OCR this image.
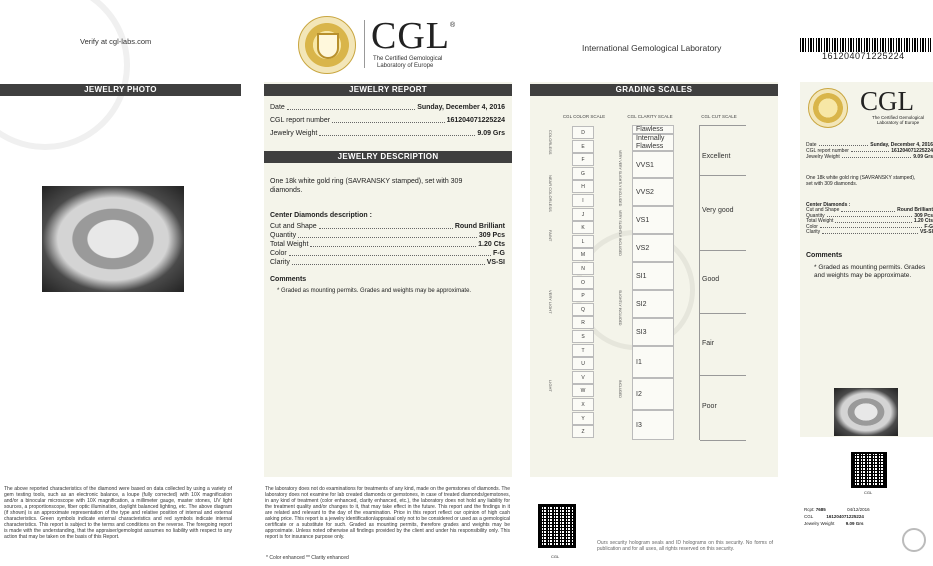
Verify at cgl-labs.com	CGL ®
The Certified Gemological
Laboratory of Europe
International Gemological Laboratory
161204071225224
JEWELRY PHOTO	JEWELRY REPORT
Date	Sunday, December 4, 2016
CGL report number	161204071225224
Jewelry Weight	9.09 Grs
JEWELRY DESCRIPTION
One 18k white gold ring (SAVRANSKY stamped), set with 309 diamonds.
Center Diamonds description :
Cut and Shape	Round Brilliant
Quantity	309 Pcs
Total Weight	1.20 Cts
Color	F-G
Clarity	VS-SI
Comments
* Graded as mounting permits. Grades and weights may be approximate.
GRADING SCALES
CGL COLOR SCALE	CGL CLARITY SCALE	CGL CUT SCALE
D
E
F
G
H
I
J
K
L
M
N
O
P
Q
R
S
T
U
V
W
X
Y
Z
COLORLESS
NEAR COLORLESS
FAINT
VERY LIGHT
LIGHT
Flawless
Internally Flawless
VVS1
VVS2
VS1
VS2
SI1
SI2
SI3
I1
I2
I3
VERY VERY SLIGHTLY INCLUDED
VERY SLIGHTLY INCLUDED
SLIGHTLY INCLUDED
INCLUDED
Excellent
Very good
Good
Fair
Poor
CGL
The Certified Gemological Laboratory of Europe
Date	Sunday, December 4, 2016
CGL report number	161204071225224
Jewelry Weight	9.09 Grs
One 18k white gold ring (SAVRANSKY stamped), set with 309 diamonds.
Center Diamonds :
Cut and Shape	Round Brilliant
Quantity	309 Pcs
Total Weight	1.20 Cts
Color	F-G
Clarity	VS-SI
Comments
* Graded as mounting permits. Grades and weights may be approximate.
CGL
Rcpt: 7685	04/12/2016
CGL	161204071225224
Jewelry Weight	9.09 Grs
The above reported characteristics of the diamond were based on data collected by using a variety of gem testing tools, such as an electronic balance, a loupe (fully corrected) with 10X magnification and/or a binocular microscope with 10X magnification, a millimeter gauge, master stones, UV light sources, a proportionscope, fiber optic illumination, daylight balanced lighting, etc. The above diagram (if shown) is an approximate representation of the type and relative position of internal and external characteristics. Green symbols indicate external characteristics and red symbols indicate internal characteristics. This report is subject to the terms and conditions on the reverse. The foregoing report is made with the understanding, that the appraiser/gemologist assumes no liability with respect to any action that may be taken on the basis of this Report.
The laboratory does not do examinations for treatments of any kind, made on the gemstones of diamonds. The laboratory does not examine for lab created diamonds or gemstones, in case of treated diamonds/gemstones, in any kind of treatment (color enhanced, clarity enhanced, etc.), the laboratory does not hold any liability for the treatment quality and/or changes to it, that may take effect in the future. This report and the findings in it are related and relevant to the day of the examination. Price in this report reflect our opinion of high cash asking price. This report is a jewelry identification/appraisal only not to be considered or used as a gemological certificate or a substitute for such. Graded as mounting permits, therefore grades and weights may be approximate. Unless noted otherwise all findings provided by the client and under his responsibility only. This report is for insurance purpose only.
* Color enhanced ** Clarity enhanced	CGL
Ours security hologram seals and ID holograms on this security. No forms of publication and for all uses, all rights reserved on this security.
